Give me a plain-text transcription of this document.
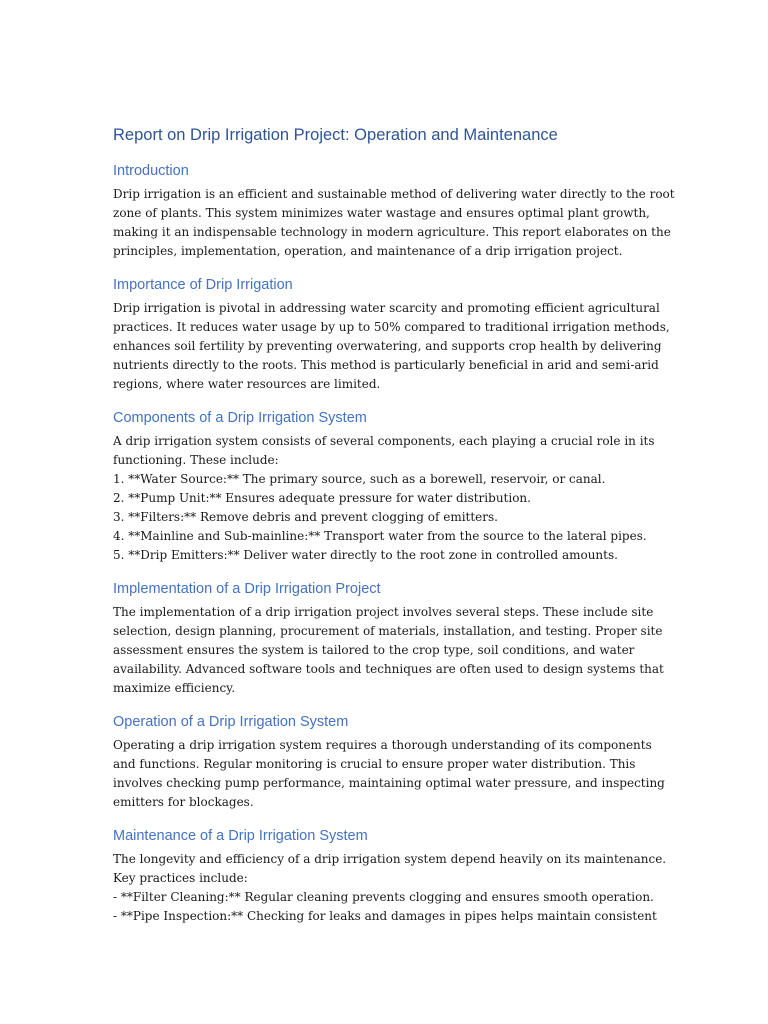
Report on Drip Irrigation Project: Operation and Maintenance
Introduction
Drip irrigation is an efficient and sustainable method of delivering water directly to the root
zone of plants. This system minimizes water wastage and ensures optimal plant growth,
making it an indispensable technology in modern agriculture. This report elaborates on the
principles, implementation, operation, and maintenance of a drip irrigation project.
Importance of Drip Irrigation
Drip irrigation is pivotal in addressing water scarcity and promoting efficient agricultural
practices. It reduces water usage by up to 50% compared to traditional irrigation methods,
enhances soil fertility by preventing overwatering, and supports crop health by delivering
nutrients directly to the roots. This method is particularly beneficial in arid and semi-arid
regions, where water resources are limited.
Components of a Drip Irrigation System
A drip irrigation system consists of several components, each playing a crucial role in its
functioning. These include:
1. **Water Source:** The primary source, such as a borewell, reservoir, or canal.
2. **Pump Unit:** Ensures adequate pressure for water distribution.
3. **Filters:** Remove debris and prevent clogging of emitters.
4. **Mainline and Sub-mainline:** Transport water from the source to the lateral pipes.
5. **Drip Emitters:** Deliver water directly to the root zone in controlled amounts.
Implementation of a Drip Irrigation Project
The implementation of a drip irrigation project involves several steps. These include site
selection, design planning, procurement of materials, installation, and testing. Proper site
assessment ensures the system is tailored to the crop type, soil conditions, and water
availability. Advanced software tools and techniques are often used to design systems that
maximize efficiency.
Operation of a Drip Irrigation System
Operating a drip irrigation system requires a thorough understanding of its components
and functions. Regular monitoring is crucial to ensure proper water distribution. This
involves checking pump performance, maintaining optimal water pressure, and inspecting
emitters for blockages.
Maintenance of a Drip Irrigation System
The longevity and efficiency of a drip irrigation system depend heavily on its maintenance.
Key practices include:
- **Filter Cleaning:** Regular cleaning prevents clogging and ensures smooth operation.
- **Pipe Inspection:** Checking for leaks and damages in pipes helps maintain consistent
